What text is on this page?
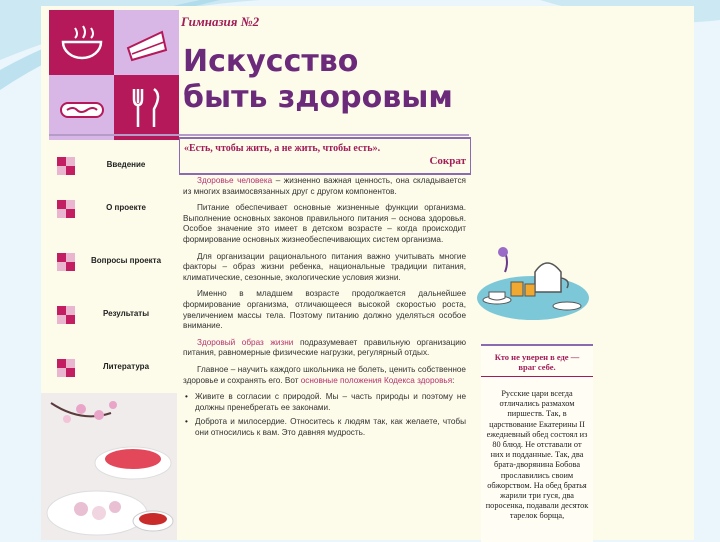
Гимназия №2
Искусство
быть здоровым
Введение
О проекте
Вопросы проекта
Результаты
Литература
«Есть, чтобы жить, а не жить, чтобы есть».
Сократ

Здоровье человека – жизненно важная ценность, она складывается из многих взаимосвязанных друг с другом компонентов.

Питание обеспечивает основные жизненные функции организма. Выполнение основных законов правильного питания – основа здоровья. Особое значение это имеет в детском возрасте – когда происходит формирование основных жизнеобеспечивающих систем организма.

Для организации рационального питания важно учитывать многие факторы – образ жизни ребенка, национальные традиции питания, климатические, сезонные, экологические условия жизни.

Именно в младшем возрасте продолжается дальнейшее формирование организма, отличающееся высокой скоростью роста, увеличением массы тела. Поэтому питанию должно уделяться особое внимание.

Здоровый образ жизни подразумевает правильную организацию питания, равномерные физические нагрузки, регулярный отдых.

Главное – научить каждого школьника не болеть, ценить собственное здоровье и сохранять его. Вот основные положения Кодекса здоровья:

• Живите в согласии с природой. Мы – часть природы и поэтому не должны пренебрегать ее законами.
• Доброта и милосердие. Относитесь к людям так, как желаете, чтобы они относились к вам. Это давняя мудрость.
Кто не уверен в еде — враг себе.
Русские цари всегда отличались размахом пиршеств. Так, в царствование Екатерины II ежедневный обед состоял из 80 блюд. Не отставали от них и подданные. Так, два брата-дворянина Бобова прославились своим обжорством. На обед братья жарили три гуся, два поросенка, подавали десяток тарелок борща,
